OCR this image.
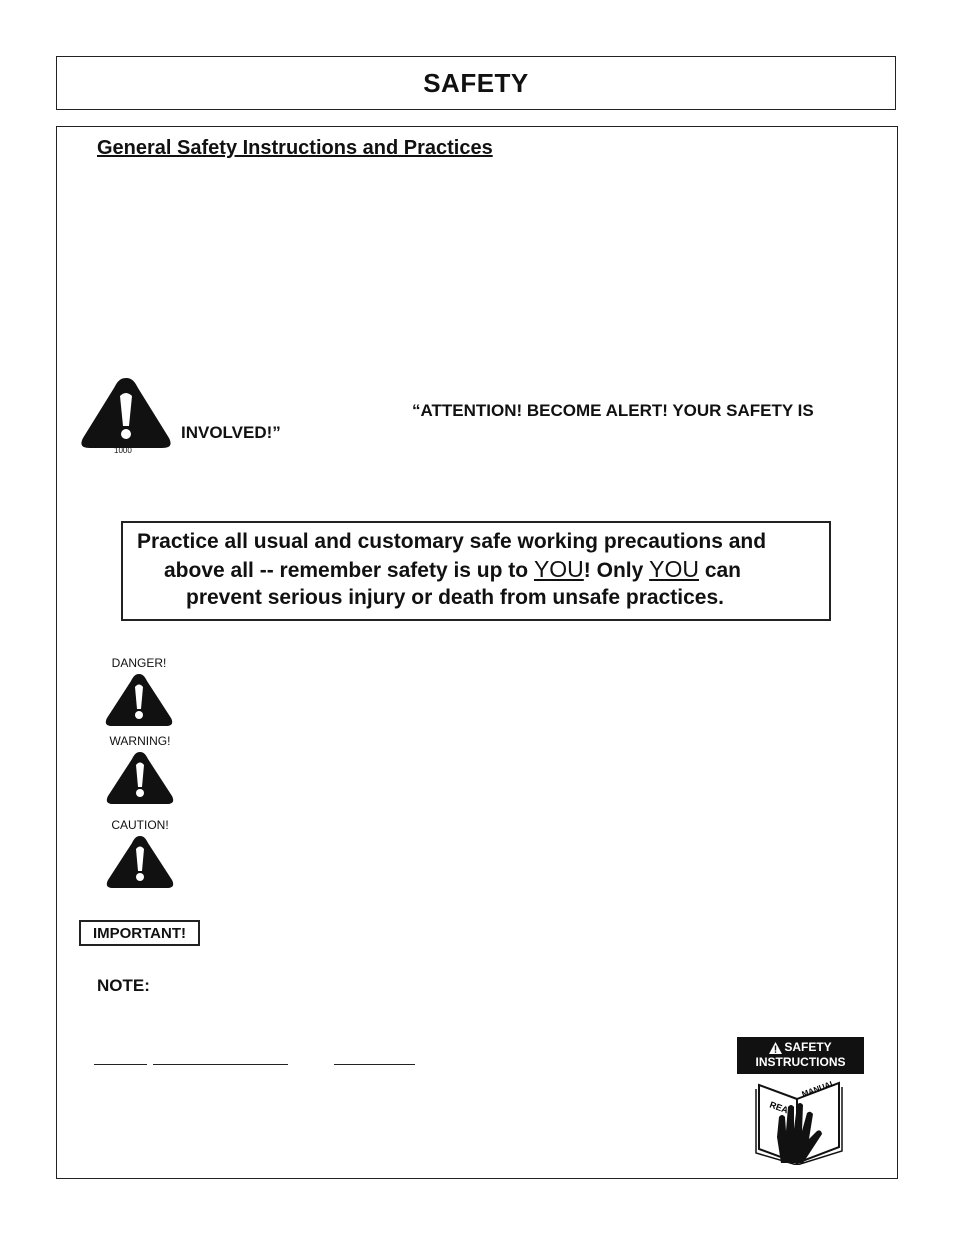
SAFETY
General Safety Instructions and Practices
1000
“ATTENTION! BECOME ALERT! YOUR SAFETY IS
INVOLVED!”
Practice all usual and customary safe working precautions and
above all -- remember safety is up to YOU! Only YOU can
prevent serious injury or death from unsafe practices.
DANGER!
WARNING!
CAUTION!
IMPORTANT!
NOTE:
SAFETY
INSTRUCTIONS
READ
MANUAL
